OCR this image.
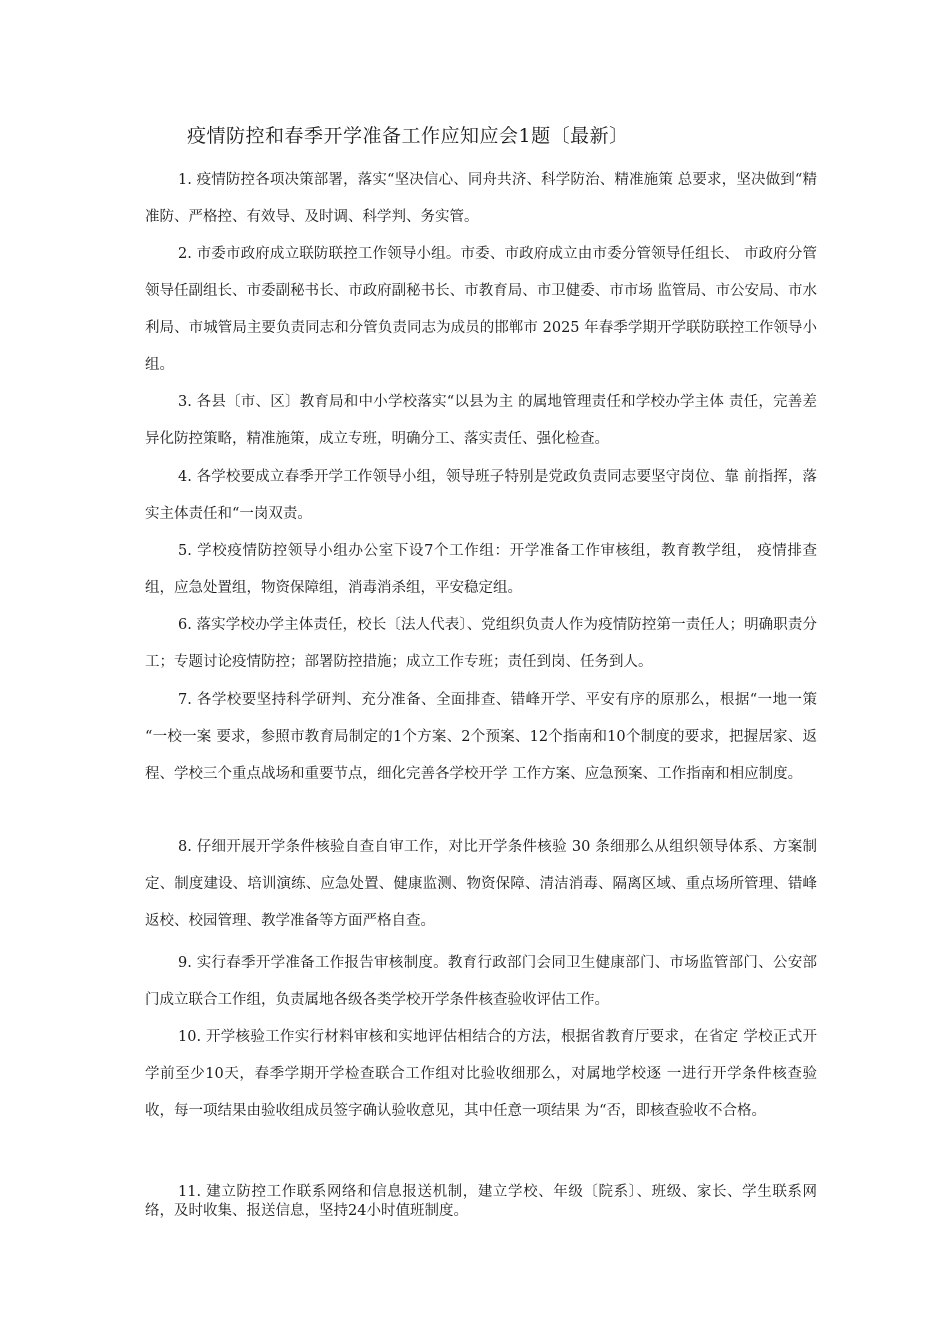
疫情防控和春季开学准备工作应知应会1题〔最新〕
1. 疫情防控各项决策部署，落实“坚决信心、同舟共济、科学防治、精准施策 总要求，坚决做到“精准防、严格控、有效导、及时调、科学判、务实管。
2. 市委市政府成立联防联控工作领导小组。市委、市政府成立由市委分管领导任组长、 市政府分管领导任副组长、市委副秘书长、市政府副秘书长、市教育局、市卫健委、市市场 监管局、市公安局、市水利局、市城管局主要负责同志和分管负责同志为成员的邯郸市 2025 年春季学期开学联防联控工作领导小组。
3. 各县〔市、区〕教育局和中小学校落实“以县为主 的属地管理责任和学校办学主体 责任，完善差异化防控策略，精准施策，成立专班，明确分工、落实责任、强化检查。
4. 各学校要成立春季开学工作领导小组，领导班子特别是党政负责同志要坚守岗位、靠 前指挥，落实主体责任和“一岗双责。
5. 学校疫情防控领导小组办公室下设7个工作组：开学准备工作审核组，教育教学组， 疫情排查组，应急处置组，物资保障组，消毒消杀组，平安稳定组。
6. 落实学校办学主体责任，校长〔法人代表〕、党组织负责人作为疫情防控第一责任人；明确职责分工；专题讨论疫情防控；部署防控措施；成立工作专班；责任到岗、任务到人。
7. 各学校要坚持科学研判、充分准备、全面排查、错峰开学、平安有序的原那么，根据“一地一策 “一校一案 要求，参照市教育局制定的1个方案、2个预案、12个指南和10个制度的要求，把握居家、返程、学校三个重点战场和重要节点，细化完善各学校开学 工作方案、应急预案、工作指南和相应制度。
8. 仔细开展开学条件核验自查自审工作，对比开学条件核验 30 条细那么从组织领导体系、方案制定、制度建设、培训演练、应急处置、健康监测、物资保障、清洁消毒、隔离区域、重点场所管理、错峰返校、校园管理、教学准备等方面严格自查。
9. 实行春季开学准备工作报告审核制度。教育行政部门会同卫生健康部门、市场监管部门、公安部门成立联合工作组，负责属地各级各类学校开学条件核查验收评估工作。
10. 开学核验工作实行材料审核和实地评估相结合的方法，根据省教育厅要求，在省定 学校正式开学前至少10天，春季学期开学检查联合工作组对比验收细那么，对属地学校逐 一进行开学条件核查验收，每一项结果由验收组成员签字确认验收意见，其中任意一项结果 为“否，即核查验收不合格。
11. 建立防控工作联系网络和信息报送机制，建立学校、年级〔院系〕、班级、家长、学生联系网络，及时收集、报送信息，坚持24小时值班制度。
